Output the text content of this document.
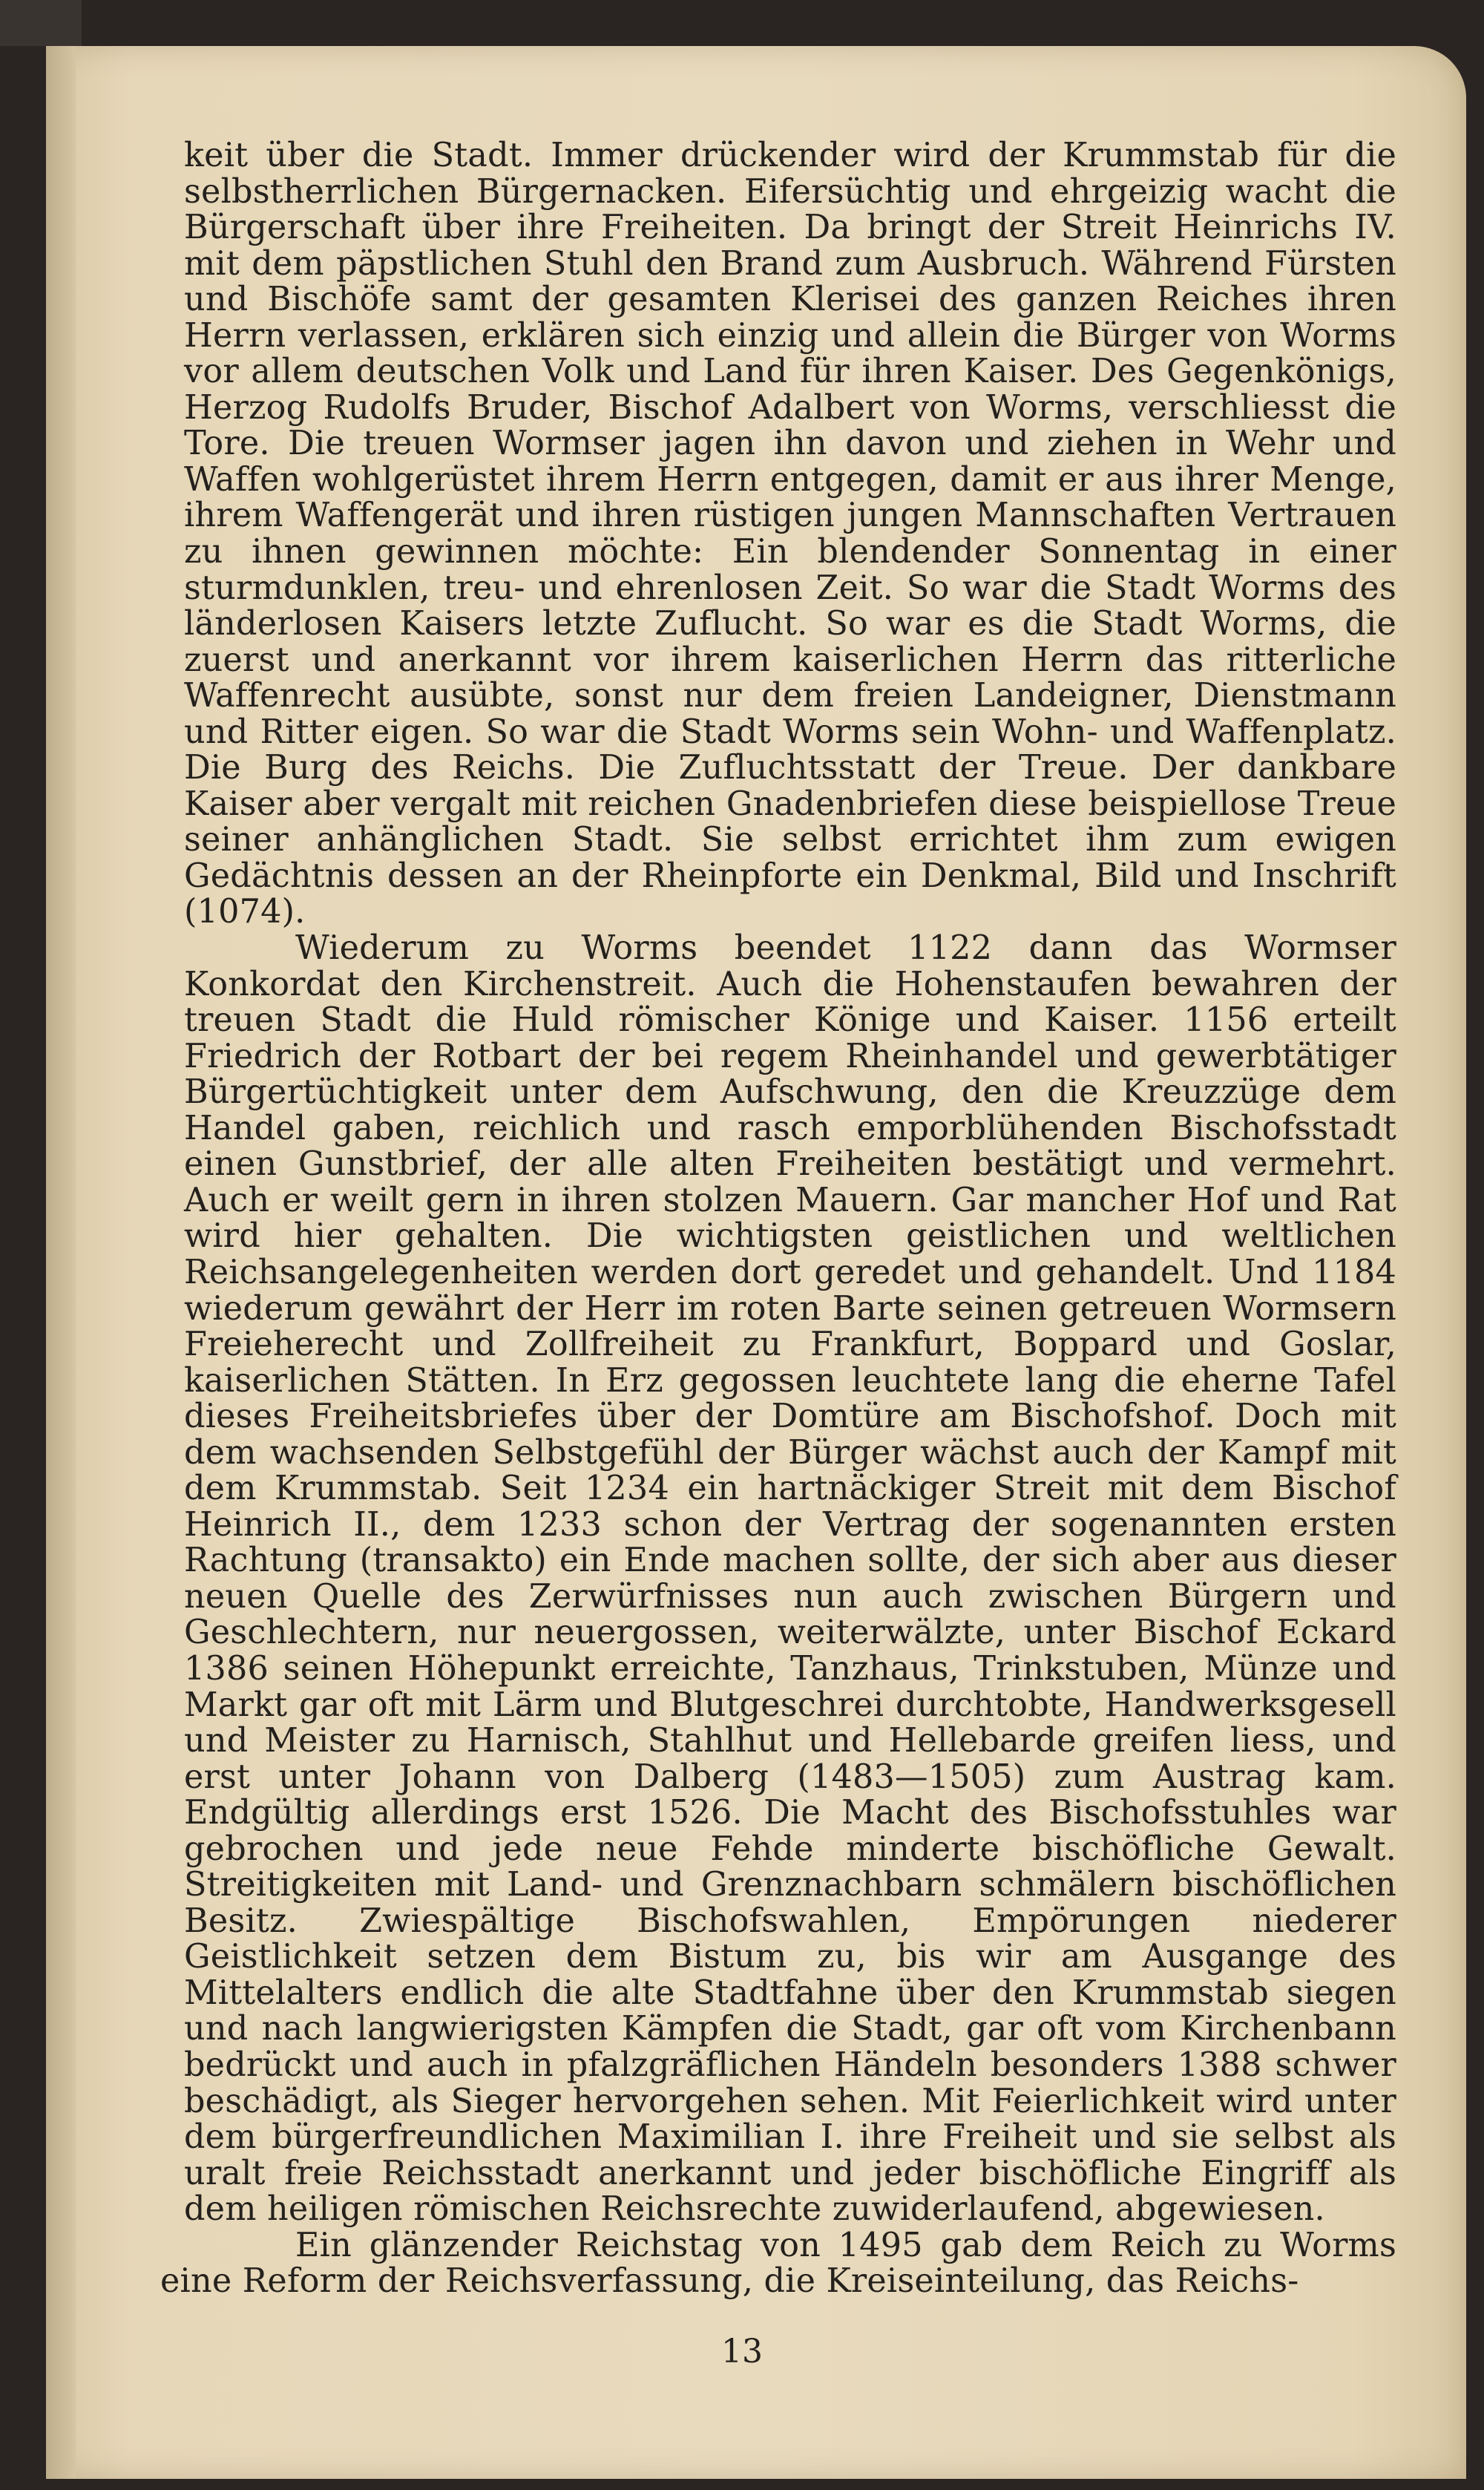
keit über die Stadt. Immer drückender wird der Krummstab für die selbstherrlichen Bürgernacken. Eifersüchtig und ehrgeizig wacht die Bürgerschaft über ihre Freiheiten. Da bringt der Streit Heinrichs IV. mit dem päpstlichen Stuhl den Brand zum Ausbruch. Während Fürsten und Bischöfe samt der gesamten Klerisei des ganzen Reiches ihren Herrn verlassen, erklären sich einzig und allein die Bürger von Worms vor allem deutschen Volk und Land für ihren Kaiser. Des Gegenkönigs, Herzog Rudolfs Bruder, Bischof Adalbert von Worms, verschliesst die Tore. Die treuen Wormser jagen ihn davon und ziehen in Wehr und Waffen wohlgerüstet ihrem Herrn entgegen, damit er aus ihrer Menge, ihrem Waffengerät und ihren rüstigen jungen Mannschaften Vertrauen zu ihnen gewinnen möchte: Ein blendender Sonnentag in einer sturmdunklen, treu- und ehrenlosen Zeit. So war die Stadt Worms des länderlosen Kaisers letzte Zuflucht. So war es die Stadt Worms, die zuerst und anerkannt vor ihrem kaiserlichen Herrn das ritterliche Waffenrecht ausübte, sonst nur dem freien Landeigner, Dienstmann und Ritter eigen. So war die Stadt Worms sein Wohn- und Waffenplatz. Die Burg des Reichs. Die Zufluchtsstatt der Treue. Der dankbare Kaiser aber vergalt mit reichen Gnadenbriefen diese beispiellose Treue seiner anhänglichen Stadt. Sie selbst errichtet ihm zum ewigen Gedächtnis dessen an der Rheinpforte ein Denkmal, Bild und Inschrift (1074).

Wiederum zu Worms beendet 1122 dann das Wormser Konkordat den Kirchenstreit. Auch die Hohenstaufen bewahren der treuen Stadt die Huld römischer Könige und Kaiser. 1156 erteilt Friedrich der Rotbart der bei regem Rheinhandel und gewerbtätiger Bürgertüchtigkeit unter dem Aufschwung, den die Kreuzzüge dem Handel gaben, reichlich und rasch emporblühenden Bischofsstadt einen Gunstbrief, der alle alten Freiheiten bestätigt und vermehrt. Auch er weilt gern in ihren stolzen Mauern. Gar mancher Hof und Rat wird hier gehalten. Die wichtigsten geistlichen und weltlichen Reichsangelegenheiten werden dort geredet und gehandelt. Und 1184 wiederum gewährt der Herr im roten Barte seinen getreuen Wormsern Freieherecht und Zollfreiheit zu Frankfurt, Boppard und Goslar, kaiserlichen Stätten. In Erz gegossen leuchtete lang die eherne Tafel dieses Freiheitsbriefes über der Domtüre am Bischofshof. Doch mit dem wachsenden Selbstgefühl der Bürger wächst auch der Kampf mit dem Krummstab. Seit 1234 ein hartnäckiger Streit mit dem Bischof Heinrich II., dem 1233 schon der Vertrag der sogenannten ersten Rachtung (transakto) ein Ende machen sollte, der sich aber aus dieser neuen Quelle des Zerwürfnisses nun auch zwischen Bürgern und Geschlechtern, nur neuergossen, weiterwälzte, unter Bischof Eckard 1386 seinen Höhepunkt erreichte, Tanzhaus, Trinkstuben, Münze und Markt gar oft mit Lärm und Blutgeschrei durchtobte, Handwerksgesell und Meister zu Harnisch, Stahlhut und Hellebarde greifen liess, und erst unter Johann von Dalberg (1483—1505) zum Austrag kam. Endgültig allerdings erst 1526. Die Macht des Bischofsstuhles war gebrochen und jede neue Fehde minderte bischöfliche Gewalt. Streitigkeiten mit Land- und Grenznachbarn schmälern bischöflichen Besitz. Zwiespältige Bischofswahlen, Empörungen niederer Geistlichkeit setzen dem Bistum zu, bis wir am Ausgange des Mittelalters endlich die alte Stadtfahne über den Krummstab siegen und nach langwierigsten Kämpfen die Stadt, gar oft vom Kirchenbann bedrückt und auch in pfalzgräflichen Händeln besonders 1388 schwer beschädigt, als Sieger hervorgehen sehen. Mit Feierlichkeit wird unter dem bürgerfreundlichen Maximilian I. ihre Freiheit und sie selbst als uralt freie Reichsstadt anerkannt und jeder bischöfliche Eingriff als dem heiligen römischen Reichsrechte zuwiderlaufend, abgewiesen.

Ein glänzender Reichstag von 1495 gab dem Reich zu Worms eine Reform der Reichsverfassung, die Kreiseinteilung, das Reichs-

13
